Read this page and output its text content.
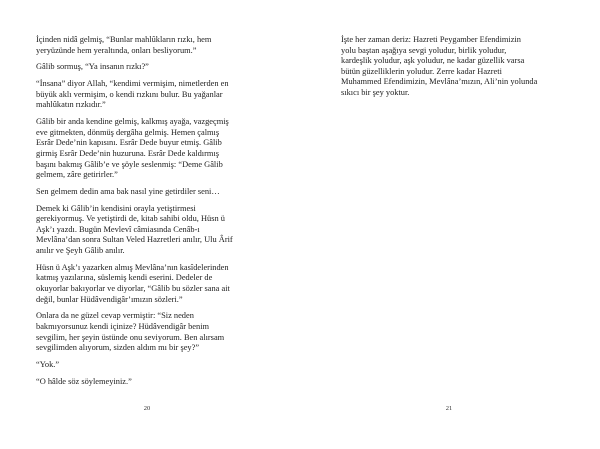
İçinden nidâ gelmiş, “Bunlar mahlûkların rızkı, hem
yeryüzünde hem yeraltında, onları besliyorum.”

Gâlib sormuş, “Ya insanın rızkı?”

“İnsana” diyor Allah, “kendimi vermişim, nimetlerden en
büyük aklı vermişim, o kendi rızkını bulur. Bu yağanlar
mahlûkatın rızkıdır.”

Gâlib bir anda kendine gelmiş, kalkmış ayağa, vazgeçmiş
eve gitmekten, dönmüş dergâha gelmiş. Hemen çalmış
Esrâr Dede’nin kapısını. Esrâr Dede buyur etmiş. Gâlib
girmiş Esrâr Dede’nin huzuruna. Esrâr Dede kaldırmış
başını bakmış Gâlib’e ve şöyle seslenmiş: “Deme Gâlib
gelmem, zâre getirirler.”

Sen gelmem dedin ama bak nasıl yine getirdiler seni…

Demek ki Gâlib’in kendisini orayla yetiştirmesi
gerekiyormuş. Ve yetiştirdi de, kitab sahibi oldu, Hüsn ü
Aşk’ı yazdı. Bugün Mevlevî câmiasında Cenâb-ı
Mevlâna’dan sonra Sultan Veled Hazretleri anılır, Ulu Ârif
anılır ve Şeyh Gâlib anılır.

Hüsn ü Aşk’ı yazarken almış Mevlâna’nın kasîdelerinden
katmış yazılarına, süslemiş kendi eserini. Dedeler de
okuyorlar bakıyorlar ve diyorlar, “Gâlib bu sözler sana ait
değil, bunlar Hüdâvendigâr’ımızın sözleri.”

Onlara da ne güzel cevap vermiştir: “Siz neden
bakmıyorsunuz kendi içinize? Hüdâvendigâr benim
sevgilim, her şeyin üstünde onu seviyorum. Ben alırsam
sevgilimden alıyorum, sizden aldım mı bir şey?”

“Yok.”

“O hâlde söz söylemeyiniz.”

20

İşte her zaman deriz: Hazreti Peygamber Efendimizin
yolu baştan aşağıya sevgi yoludur, birlik yoludur,
kardeşlik yoludur, aşk yoludur, ne kadar güzellik varsa
bütün güzelliklerin yoludur. Zerre kadar Hazreti
Muhammed Efendimizin, Mevlâna’mızın, Ali’nin yolunda
sıkıcı bir şey yoktur.

21
